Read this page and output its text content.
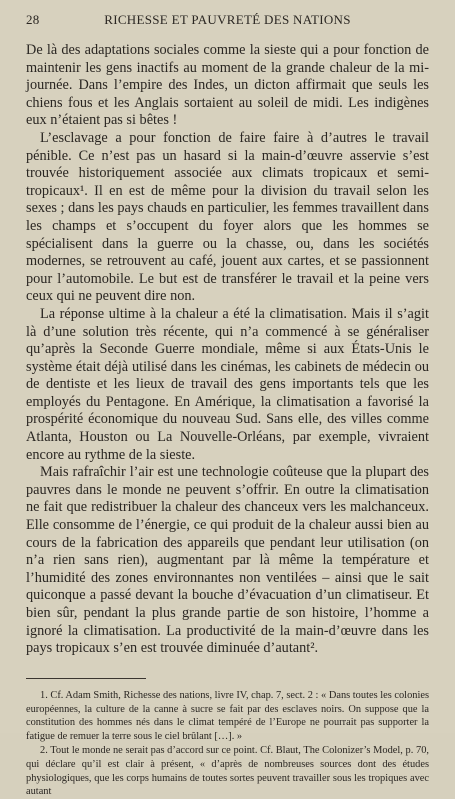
28	RICHESSE ET PAUVRETÉ DES NATIONS

De là des adaptations sociales comme la sieste qui a pour fonction de maintenir les gens inactifs au moment de la grande chaleur de la mi-journée. Dans l’empire des Indes, un dicton affirmait que seuls les chiens fous et les Anglais sortaient au soleil de midi. Les indigènes eux n’étaient pas si bêtes !

L’esclavage a pour fonction de faire faire à d’autres le travail pénible. Ce n’est pas un hasard si la main-d’œuvre asservie s’est trouvée historiquement associée aux climats tropicaux et semi-tropicaux¹. Il en est de même pour la division du travail selon les sexes ; dans les pays chauds en particulier, les femmes travaillent dans les champs et s’occupent du foyer alors que les hommes se spécialisent dans la guerre ou la chasse, ou, dans les sociétés modernes, se retrouvent au café, jouent aux cartes, et se passionnent pour l’automobile. Le but est de transférer le travail et la peine vers ceux qui ne peuvent dire non.

La réponse ultime à la chaleur a été la climatisation. Mais il s’agit là d’une solution très récente, qui n’a commencé à se généraliser qu’après la Seconde Guerre mondiale, même si aux États-Unis le système était déjà utilisé dans les cinémas, les cabinets de médecin ou de dentiste et les lieux de travail des gens importants tels que les employés du Pentagone. En Amérique, la climatisation a favorisé la prospérité économique du nouveau Sud. Sans elle, des villes comme Atlanta, Houston ou La Nouvelle-Orléans, par exemple, vivraient encore au rythme de la sieste.

Mais rafraîchir l’air est une technologie coûteuse que la plupart des pauvres dans le monde ne peuvent s’offrir. En outre la climatisation ne fait que redistribuer la chaleur des chanceux vers les malchanceux. Elle consomme de l’énergie, ce qui produit de la chaleur aussi bien au cours de la fabrication des appareils que pendant leur utilisation (on n’a rien sans rien), augmentant par là même la température et l’humidité des zones environnantes non ventilées – ainsi que le sait quiconque a passé devant la bouche d’évacuation d’un climatiseur. Et bien sûr, pendant la plus grande partie de son histoire, l’homme a ignoré la climatisation. La productivité de la main-d’œuvre dans les pays tropicaux s’en est trouvée diminuée d’autant².

1. Cf. Adam Smith, Richesse des nations, livre IV, chap. 7, sect. 2 : « Dans toutes les colonies européennes, la culture de la canne à sucre se fait par des esclaves noirs. On suppose que la constitution des hommes nés dans le climat tempéré de l’Europe ne pourrait pas supporter la fatigue de remuer la terre sous le ciel brûlant […]. »

2. Tout le monde ne serait pas d’accord sur ce point. Cf. Blaut, The Colonizer’s Model, p. 70, qui déclare qu’il est clair à présent, « d’après de nombreuses sources dont des études physiologiques, que les corps humains de toutes sortes peuvent travailler sous les tropiques avec autant
